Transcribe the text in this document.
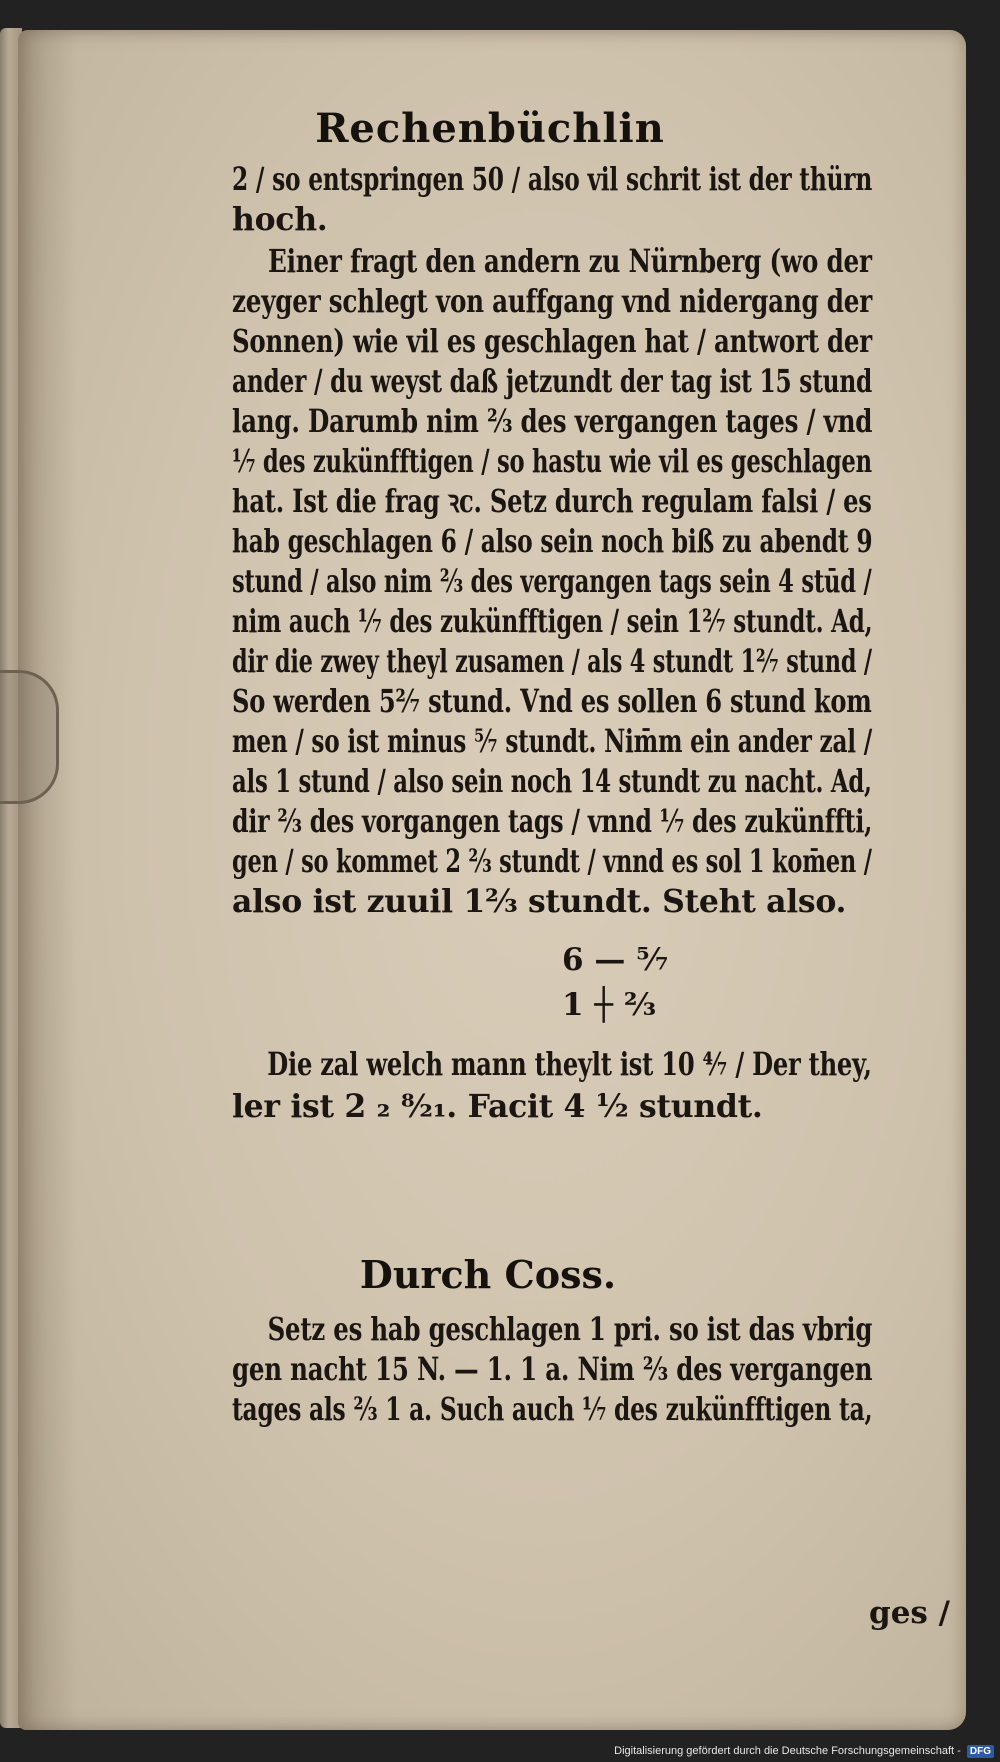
Rechenbüchlin
2 / so entspringen 50 / also vil schrit ist der thürn
hoch.
Einer fragt den andern zu Nürnberg (wo der
zeyger schlegt von auffgang vnd nidergang der
Sonnen) wie vil es geschlagen hat / antwort der
ander / du weyst daß jetzundt der tag ist 15 stund
lang. Darumb nim ⅔ des vergangen tages / vnd
⅐ des zukünfftigen / so hastu wie vil es geschlagen
hat. Ist die frag ꝛc. Setz durch regulam falsi / es
hab geschlagen 6 / also sein noch biß zu abendt 9
stund / also nim ⅔ des vergangen tags sein 4 stūd /
nim auch ⅐ des zukünfftigen / sein 1²⁄₇ stundt. Ad,
dir die zwey theyl zusamen / als 4 stundt 1²⁄₇ stund /
So werden 5²⁄₇ stund. Vnd es sollen 6 stund kom
men / so ist minus ⁵⁄₇ stundt. Nim̄m ein ander zal /
als 1 stund / also sein noch 14 stundt zu nacht. Ad,
dir ⅔ des vorgangen tags / vnnd ⅐ des zukünffti,
gen / so kommet 2 ⅔ stundt / vnnd es sol 1 kom̄en /
also ist zuuil 1⅔ stundt. Steht also.
6 — ⁵⁄₇
1 ┼ ⅔
Die zal welch mann theylt ist 10 ⁴⁄₇ / Der they,
ler ist 2 ₂ ⁸⁄₂₁. Facit 4 ½ stundt.
Setz es hab geschlagen 1 pri. so ist das vbrig
gen nacht 15 N. — 1. 1 a. Nim ⅔ des vergangen
tages als ⅔ 1 a. Such auch ⅐ des zukünfftigen ta,
Durch Coss.
ges /
Digitalisierung gefördert durch die Deutsche Forschungsgemeinschaft - DFG
